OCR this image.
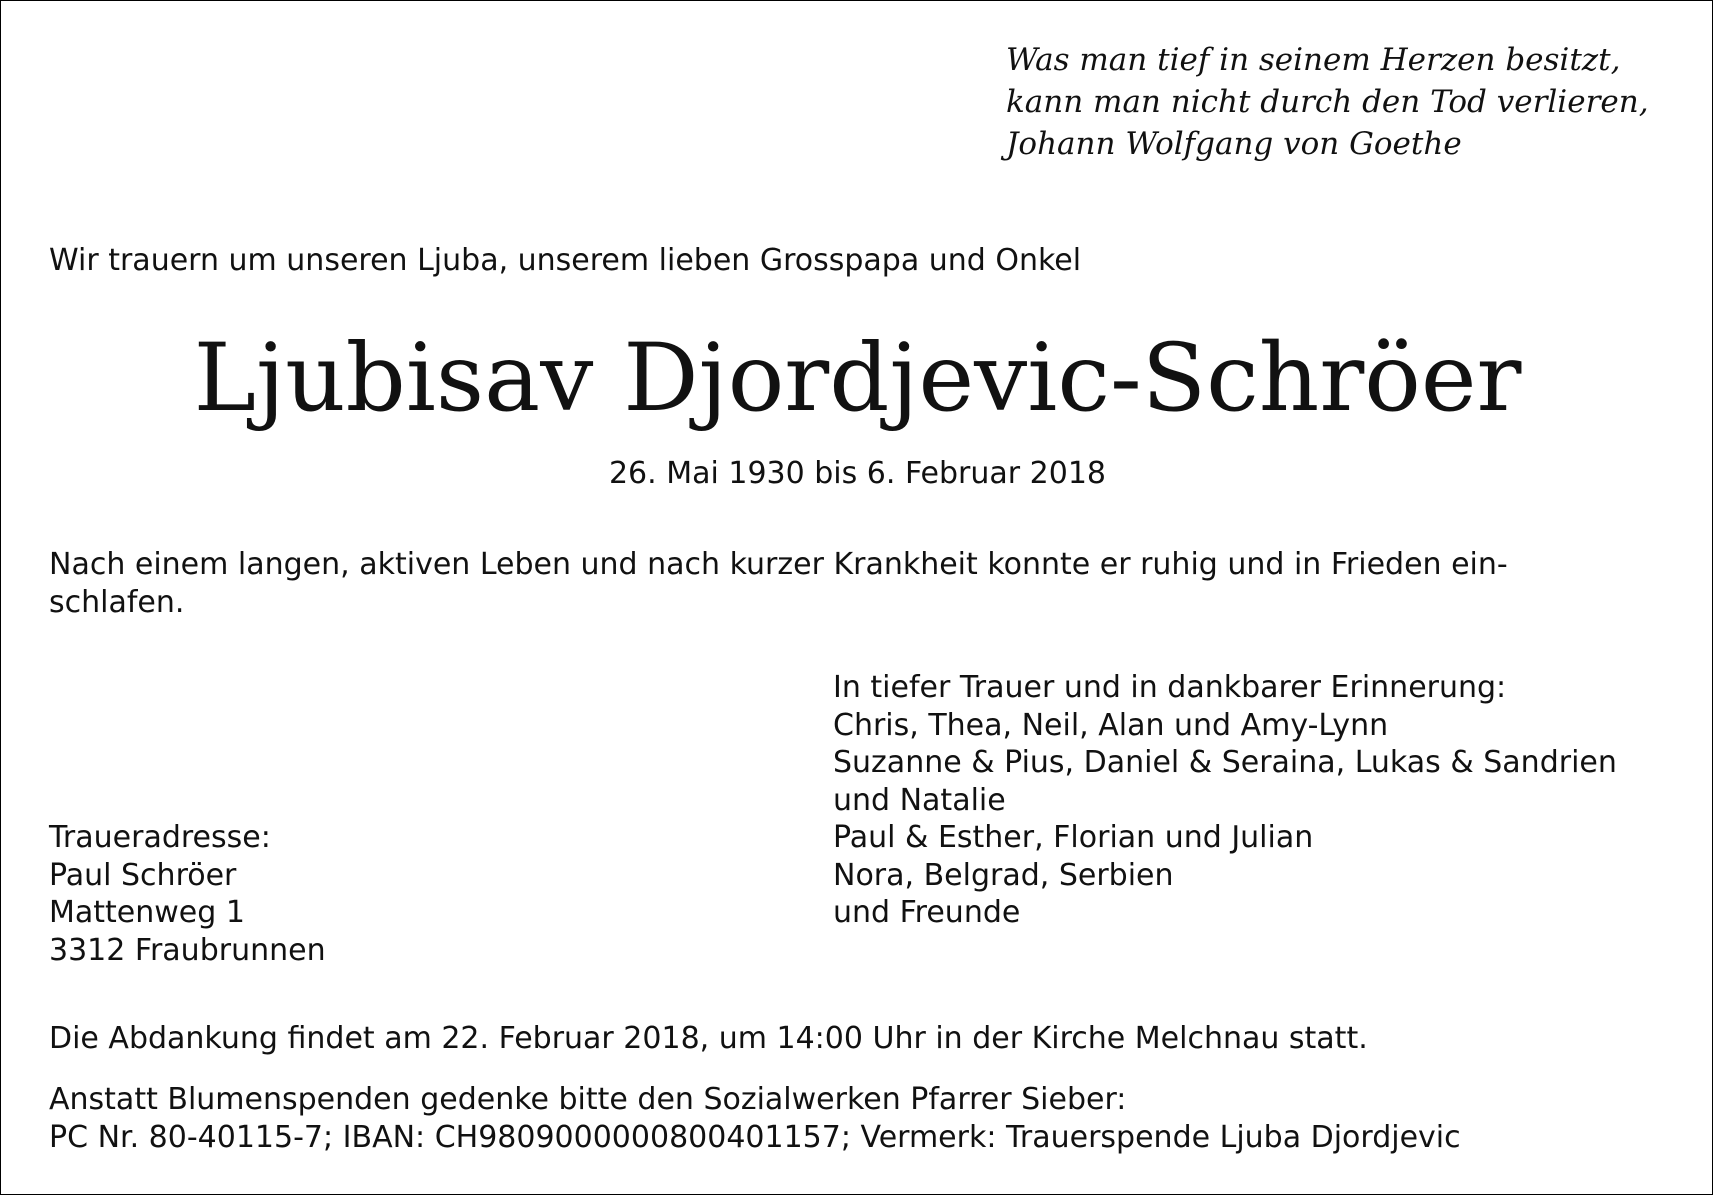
Was man tief in seinem Herzen besitzt,
kann man nicht durch den Tod verlieren,
Johann Wolfgang von Goethe
Wir trauern um unseren Ljuba, unserem lieben Grosspapa und Onkel
Ljubisav Djordjevic-Schröer
26. Mai 1930 bis 6. Februar 2018
Nach einem langen, aktiven Leben und nach kurzer Krankheit konnte er ruhig und in Frieden ein-
schlafen.
In tiefer Trauer und in dankbarer Erinnerung:
Chris, Thea, Neil, Alan und Amy-Lynn
Suzanne & Pius, Daniel & Seraina, Lukas & Sandrien
und Natalie
Paul & Esther, Florian und Julian
Nora, Belgrad, Serbien
und Freunde
Traueradresse:
Paul Schröer
Mattenweg 1
3312 Fraubrunnen
Die Abdankung findet am 22. Februar 2018, um 14:00 Uhr in der Kirche Melchnau statt.
Anstatt Blumenspenden gedenke bitte den Sozialwerken Pfarrer Sieber:
PC Nr. 80-40115-7; IBAN: CH9809000000800401157; Vermerk: Trauerspende Ljuba Djordjevic
